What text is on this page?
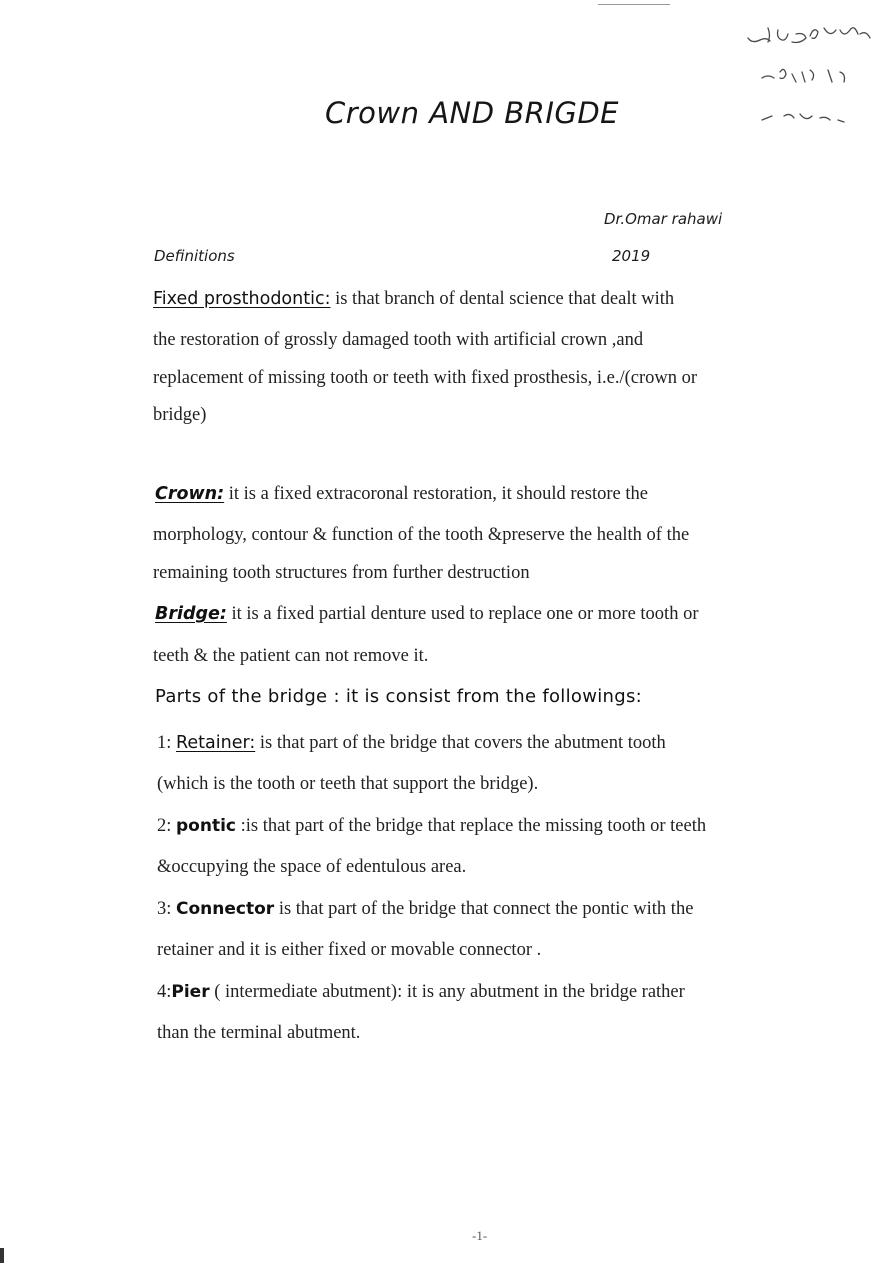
Crown AND BRIGDE
Dr.Omar rahawi
Definitions	2019
Fixed prosthodontic: is that branch of dental science that dealt with
the restoration of grossly damaged tooth with artificial crown ,and
replacement of missing tooth or teeth with fixed prosthesis, i.e./(crown or
bridge)
Crown: it is a fixed extracoronal restoration, it should restore the
morphology, contour & function of the tooth &preserve the health of the
remaining tooth structures from further destruction
Bridge: it is a fixed partial denture used to replace one or more tooth or
teeth & the patient can not remove it.
Parts of the bridge : it is consist from the followings:
1: Retainer: is that part of the bridge that covers the abutment tooth
(which is the tooth or teeth that support the bridge).
2: pontic :is that part of the bridge that replace the missing tooth or teeth
&occupying the space of edentulous area.
3: Connector is that part of the bridge that connect the pontic with the
retainer and it is either fixed or movable connector .
4:Pier ( intermediate abutment): it is any abutment in the bridge rather
than the terminal abutment.
-1-
